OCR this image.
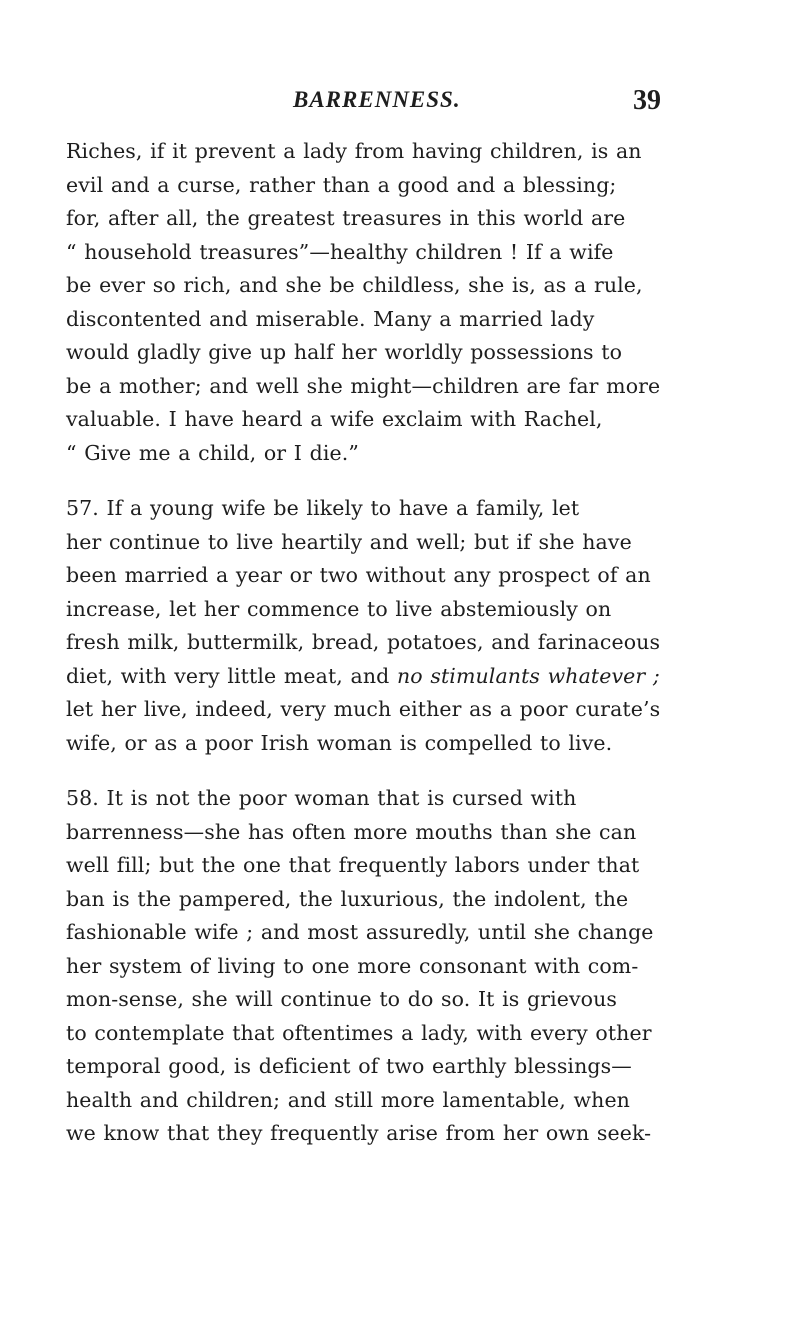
BARRENNESS.	39
Riches, if it prevent a lady from having children, is an
evil and a curse, rather than a good and a blessing;
for, after all, the greatest treasures in this world are
“ household treasures”—healthy children ! If a wife
be ever so rich, and she be childless, she is, as a rule,
discontented and miserable. Many a married lady
would gladly give up half her worldly possessions to
be a mother; and well she might—children are far more
valuable. I have heard a wife exclaim with Rachel,
“ Give me a child, or I die.”
57. If a young wife be likely to have a family, let
her continue to live heartily and well; but if she have
been married a year or two without any prospect of an
increase, let her commence to live abstemiously on
fresh milk, buttermilk, bread, potatoes, and farinaceous
diet, with very little meat, and no stimulants whatever ;
let her live, indeed, very much either as a poor curate’s
wife, or as a poor Irish woman is compelled to live.
58. It is not the poor woman that is cursed with
barrenness—she has often more mouths than she can
well fill; but the one that frequently labors under that
ban is the pampered, the luxurious, the indolent, the
fashionable wife ; and most assuredly, until she change
her system of living to one more consonant with com-
mon-sense, she will continue to do so. It is grievous
to contemplate that oftentimes a lady, with every other
temporal good, is deficient of two earthly blessings—
health and children; and still more lamentable, when
we know that they frequently arise from her own seek-
